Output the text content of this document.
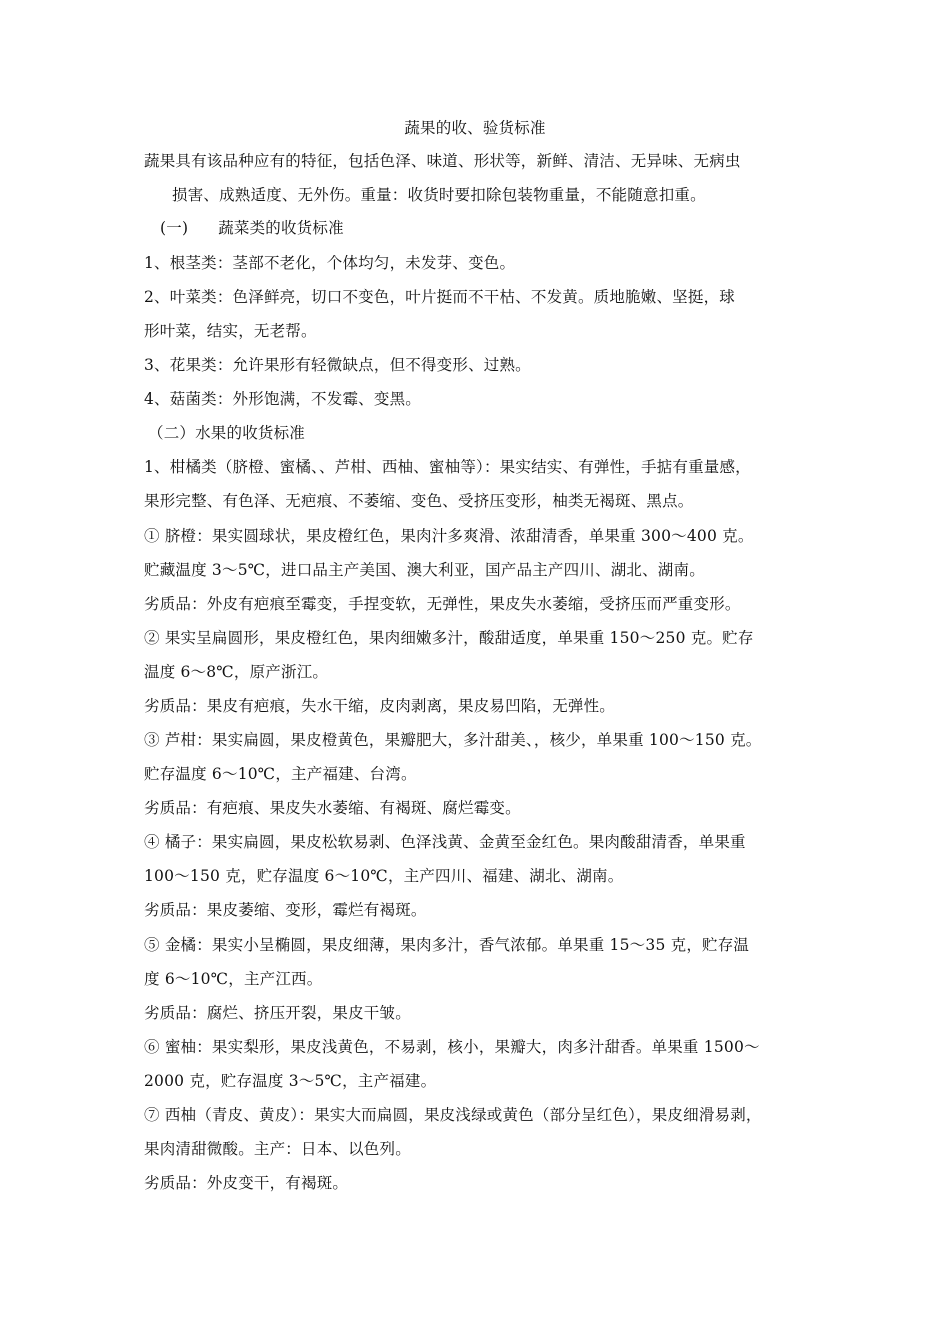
蔬果的收、验货标准
蔬果具有该品种应有的特征，包括色泽、味道、形状等，新鲜、清洁、无异味、无病虫
损害、成熟适度、无外伤。重量：收货时要扣除包装物重量，不能随意扣重。
(一) 蔬菜类的收货标准
1、根茎类：茎部不老化，个体均匀，未发芽、变色。
2、叶菜类：色泽鲜亮，切口不变色，叶片挺而不干枯、不发黄。质地脆嫩、坚挺，球
形叶菜，结实，无老帮。
3、花果类：允许果形有轻微缺点，但不得变形、过熟。
4、菇菌类：外形饱满，不发霉、变黑。
（二）水果的收货标准
1、柑橘类（脐橙、蜜橘、、芦柑、西柚、蜜柚等）：果实结实、有弹性，手掂有重量感，
果形完整、有色泽、无疤痕、不萎缩、变色、受挤压变形，柚类无褐斑、黑点。
① 脐橙：果实圆球状，果皮橙红色，果肉汁多爽滑、浓甜清香，单果重 300～400 克。
贮藏温度 3～5℃，进口品主产美国、澳大利亚，国产品主产四川、湖北、湖南。
劣质品：外皮有疤痕至霉变，手捏变软，无弹性，果皮失水萎缩，受挤压而严重变形。
② 果实呈扁圆形，果皮橙红色，果肉细嫩多汁，酸甜适度，单果重 150～250 克。贮存
温度 6～8℃，原产浙江。
劣质品：果皮有疤痕，失水干缩，皮肉剥离，果皮易凹陷，无弹性。
③ 芦柑：果实扁圆，果皮橙黄色，果瓣肥大，多汁甜美、，核少，单果重 100～150 克。
贮存温度 6～10℃，主产福建、台湾。
劣质品：有疤痕、果皮失水萎缩、有褐斑、腐烂霉变。
④ 橘子：果实扁圆，果皮松软易剥、色泽浅黄、金黄至金红色。果肉酸甜清香，单果重
100～150 克，贮存温度 6～10℃，主产四川、福建、湖北、湖南。
劣质品：果皮萎缩、变形，霉烂有褐斑。
⑤ 金橘：果实小呈椭圆，果皮细薄，果肉多汁，香气浓郁。单果重 15～35 克，贮存温
度 6～10℃，主产江西。
劣质品：腐烂、挤压开裂，果皮干皱。
⑥ 蜜柚：果实梨形，果皮浅黄色，不易剥，核小，果瓣大，肉多汁甜香。单果重 1500～
2000 克，贮存温度 3～5℃，主产福建。
⑦ 西柚（青皮、黄皮）：果实大而扁圆，果皮浅绿或黄色（部分呈红色），果皮细滑易剥，
果肉清甜微酸。主产：日本、以色列。
劣质品：外皮变干，有褐斑。
